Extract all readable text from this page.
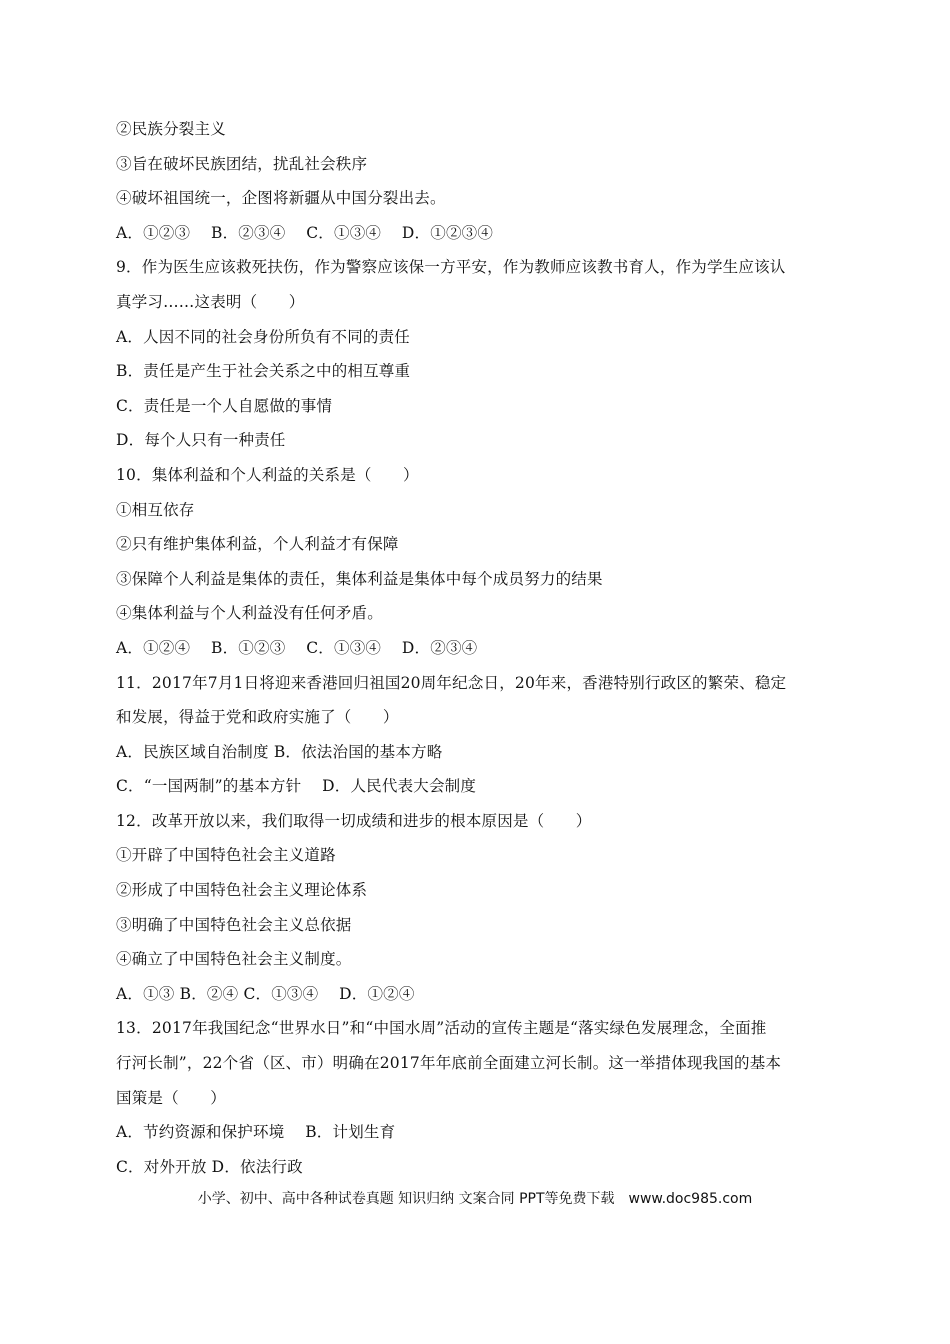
②民族分裂主义
③旨在破坏民族团结，扰乱社会秩序
④破坏祖国统一，企图将新疆从中国分裂出去。
A．①②③　 B．②③④　 C．①③④　 D．①②③④
9．作为医生应该救死扶伤，作为警察应该保一方平安，作为教师应该教书育人，作为学生应该认
真学习……这表明（　　）
A．人因不同的社会身份所负有不同的责任
B．责任是产生于社会关系之中的相互尊重
C．责任是一个人自愿做的事情
D．每个人只有一种责任
10．集体利益和个人利益的关系是（　　）
①相互依存
②只有维护集体利益，个人利益才有保障
③保障个人利益是集体的责任，集体利益是集体中每个成员努力的结果
④集体利益与个人利益没有任何矛盾。
A．①②④　 B．①②③　 C．①③④　 D．②③④
11．2017年7月1日将迎来香港回归祖国20周年纪念日，20年来，香港特别行政区的繁荣、稳定
和发展，得益于党和政府实施了（　　）
A．民族区域自治制度 B．依法治国的基本方略
C．“一国两制”的基本方针　 D．人民代表大会制度
12．改革开放以来，我们取得一切成绩和进步的根本原因是（　　）
①开辟了中国特色社会主义道路
②形成了中国特色社会主义理论体系
③明确了中国特色社会主义总依据
④确立了中国特色社会主义制度。
A．①③ B．②④ C．①③④　 D．①②④
13．2017年我国纪念“世界水日”和“中国水周”活动的宣传主题是“落实绿色发展理念，全面推
行河长制”，22个省（区、市）明确在2017年年底前全面建立河长制。这一举措体现我国的基本
国策是（　　）
A．节约资源和保护环境　 B．计划生育
C．对外开放 D．依法行政
小学、初中、高中各种试卷真题 知识归纳 文案合同 PPT等免费下载　www.doc985.com
